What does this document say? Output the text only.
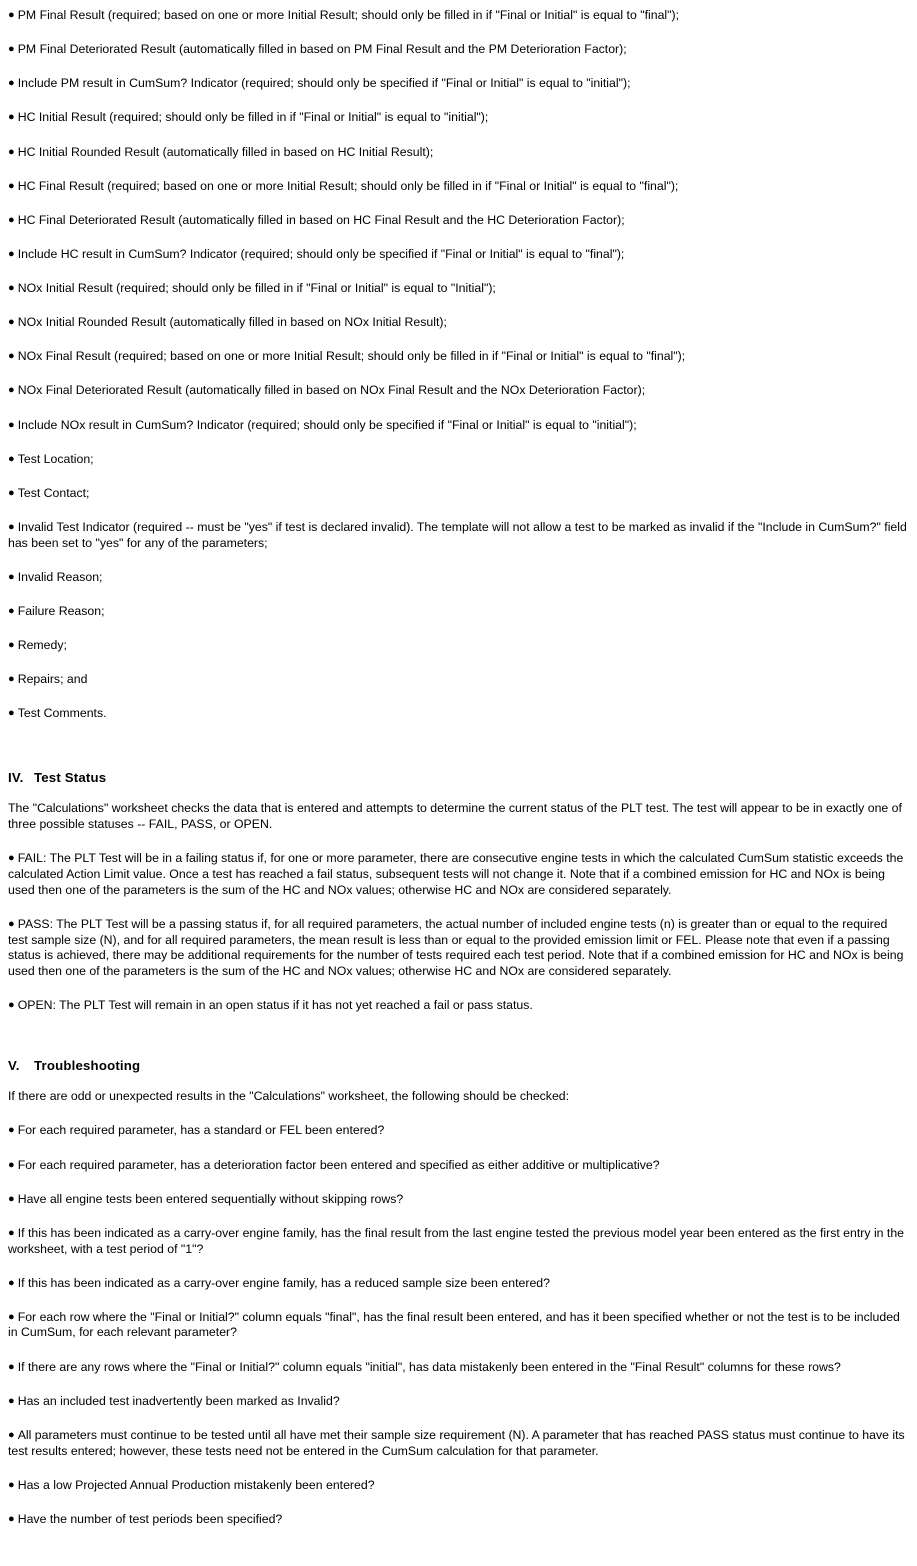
● PM Final Result (required; based on one or more Initial Result; should only be filled in if "Final or Initial" is equal to "final");

● PM Final Deteriorated Result (automatically filled in based on PM Final Result and the PM Deterioration Factor);

● Include PM result in CumSum? Indicator (required; should only be specified if "Final or Initial" is equal to "initial");

● HC Initial Result (required; should only be filled in if "Final or Initial" is equal to "initial");

● HC Initial Rounded Result (automatically filled in based on HC Initial Result);

● HC Final Result (required; based on one or more Initial Result; should only be filled in if "Final or Initial" is equal to "final");

● HC Final Deteriorated Result (automatically filled in based on HC Final Result and the HC Deterioration Factor);

● Include HC result in CumSum? Indicator (required; should only be specified if "Final or Initial" is equal to "final");

● NOx Initial Result (required; should only be filled in if "Final or Initial" is equal to "Initial");

● NOx Initial Rounded Result (automatically filled in based on NOx Initial Result);

● NOx Final Result (required; based on one or more Initial Result; should only be filled in if "Final or Initial" is equal to "final");

● NOx Final Deteriorated Result (automatically filled in based on NOx Final Result and the NOx Deterioration Factor);

● Include NOx result in CumSum? Indicator (required; should only be specified if "Final or Initial" is equal to "initial");

● Test Location;

● Test Contact;

● Invalid Test Indicator (required -- must be "yes" if test is declared invalid). The template will not allow a test to be marked as invalid if the "Include in CumSum?" field has been set to "yes" for any of the parameters;

● Invalid Reason;

● Failure Reason;

● Remedy;

● Repairs; and

● Test Comments.

IV. Test Status

The "Calculations" worksheet checks the data that is entered and attempts to determine the current status of the PLT test. The test will appear to be in exactly one of three possible statuses -- FAIL, PASS, or OPEN.

● FAIL: The PLT Test will be in a failing status if, for one or more parameter, there are consecutive engine tests in which the calculated CumSum statistic exceeds the calculated Action Limit value. Once a test has reached a fail status, subsequent tests will not change it. Note that if a combined emission for HC and NOx is being used then one of the parameters is the sum of the HC and NOx values; otherwise HC and NOx are considered separately.

● PASS: The PLT Test will be a passing status if, for all required parameters, the actual number of included engine tests (n) is greater than or equal to the required test sample size (N), and for all required parameters, the mean result is less than or equal to the provided emission limit or FEL. Please note that even if a passing status is achieved, there may be additional requirements for the number of tests required each test period. Note that if a combined emission for HC and NOx is being used then one of the parameters is the sum of the HC and NOx values; otherwise HC and NOx are considered separately.

● OPEN: The PLT Test will remain in an open status if it has not yet reached a fail or pass status.

V. Troubleshooting

If there are odd or unexpected results in the "Calculations" worksheet, the following should be checked:

● For each required parameter, has a standard or FEL been entered?

● For each required parameter, has a deterioration factor been entered and specified as either additive or multiplicative?

● Have all engine tests been entered sequentially without skipping rows?

● If this has been indicated as a carry-over engine family, has the final result from the last engine tested the previous model year been entered as the first entry in the worksheet, with a test period of "1"?

● If this has been indicated as a carry-over engine family, has a reduced sample size been entered?

● For each row where the "Final or Initial?" column equals "final", has the final result been entered, and has it been specified whether or not the test is to be included in CumSum, for each relevant parameter?

● If there are any rows where the "Final or Initial?" column equals "initial", has data mistakenly been entered in the "Final Result" columns for these rows?

● Has an included test inadvertently been marked as Invalid?

● All parameters must continue to be tested until all have met their sample size requirement (N). A parameter that has reached PASS status must continue to have its test results entered; however, these tests need not be entered in the CumSum calculation for that parameter.

● Has a low Projected Annual Production mistakenly been entered?

● Have the number of test periods been specified?
